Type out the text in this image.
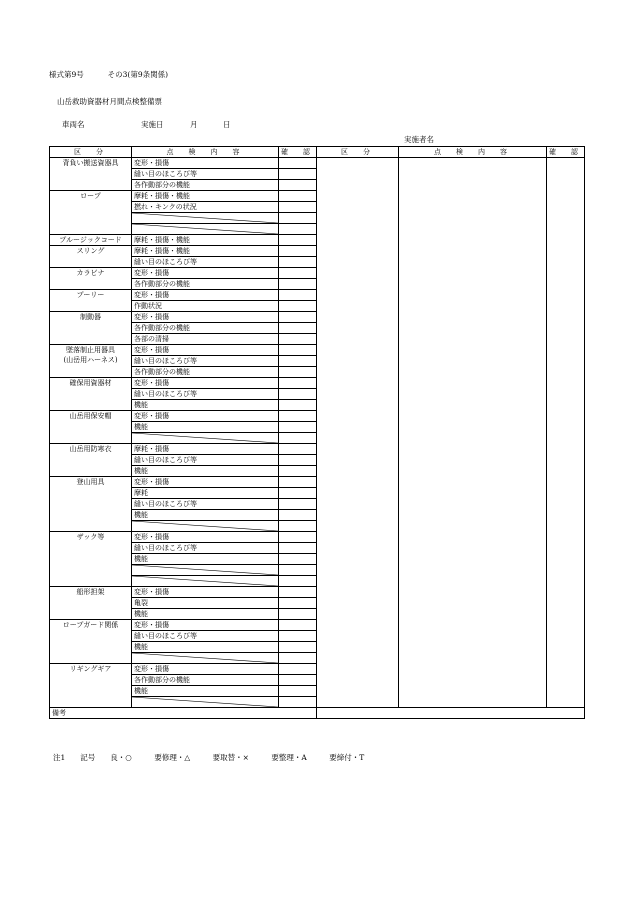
様式第9号	その3(第9条関係)
山岳救助資器材月間点検整備票
車両名	実施日	月	日
実施者名
区　分	点　検　内　容	確　認	区　分	点　検　内　容	確　認
背負い搬送資器具	変形・損傷				
	縫い目のほころび等				
	各作動部分の機能				
ロープ	摩耗・損傷・機能				
	撚れ・キンクの状況				

プルージックコード	摩耗・損傷・機能				
スリング	摩耗・損傷・機能				
	縫い目のほころび等				
カラビナ	変形・損傷				
	各作動部分の機能				
プーリー	変形・損傷				
	作動状況				
制動器	変形・損傷				
	各作動部分の機能				
	各部の清掃				
墜落制止用器具
(山岳用ハーネス)	変形・損傷				
	縫い目のほころび等				
	各作動部分の機能				
確保用資器材	変形・損傷				
	縫い目のほころび等				
	機能				
山岳用保安帽	変形・損傷				
	機能				

山岳用防寒衣	摩耗・損傷				
	縫い目のほころび等				
	機能				
登山用具	変形・損傷				
	摩耗				
	縫い目のほころび等				
	機能				

ザック等	変形・損傷				
	縫い目のほころび等				
	機能				

船形担架	変形・損傷				
	亀裂				
	機能				
ロープガード関係	変形・損傷				
	縫い目のほころび等				
	機能				

リギングギア	変形・損傷				
	各作動部分の機能				
	機能				

備考					
注1　　記号　　良・○　　　要修理・△　　　要取替・×　　　要整理・A　　　要締付・T
